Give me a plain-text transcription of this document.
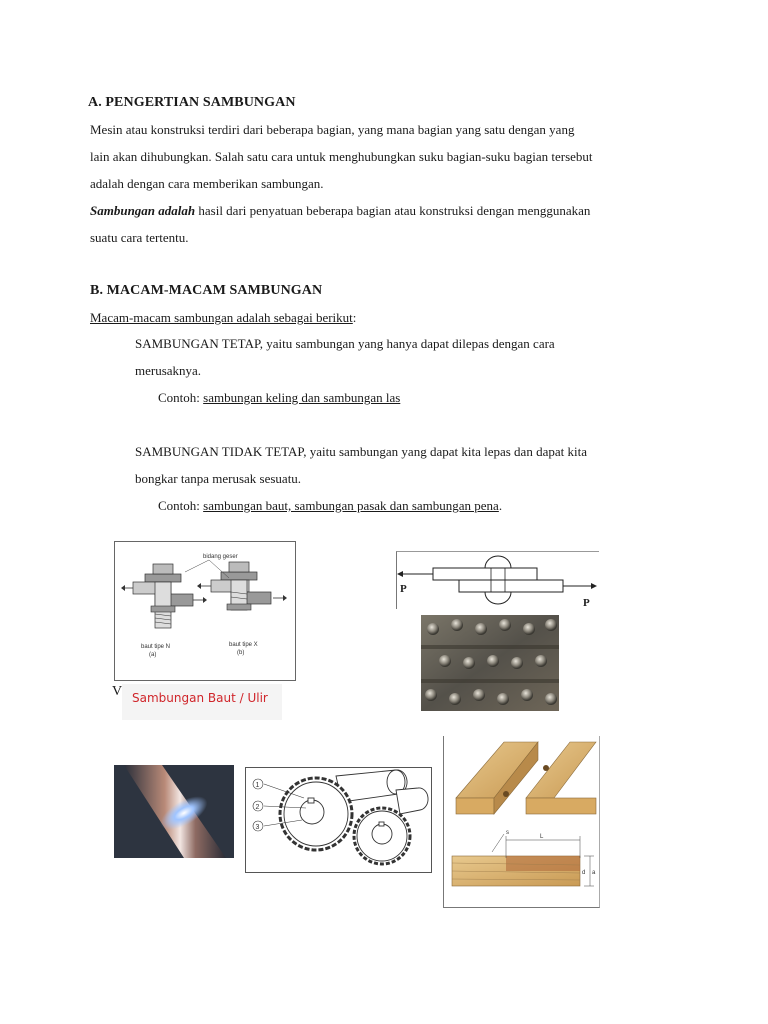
A. PENGERTIAN SAMBUNGAN
Mesin atau konstruksi terdiri dari beberapa bagian, yang mana bagian yang satu dengan yang
lain akan dihubungkan. Salah satu cara untuk menghubungkan suku bagian-suku bagian tersebut
adalah dengan cara memberikan sambungan.
Sambungan adalah hasil dari penyatuan beberapa bagian atau konstruksi dengan menggunakan
suatu cara tertentu.
B. MACAM-MACAM SAMBUNGAN
Macam-macam sambungan adalah sebagai berikut:
SAMBUNGAN TETAP, yaitu sambungan yang hanya dapat dilepas dengan cara
merusaknya.
Contoh: sambungan keling dan sambungan las
SAMBUNGAN TIDAK TETAP, yaitu sambungan yang dapat kita lepas dan dapat kita
bongkar tanpa merusak sesuatu.
Contoh: sambungan baut, sambungan pasak dan sambungan pena.
bidang geser
baut tipe N
(a)
baut tipe X
(b)
V Sambungan Baut / Ulir
P
P
1
2
3
L
s
d a
